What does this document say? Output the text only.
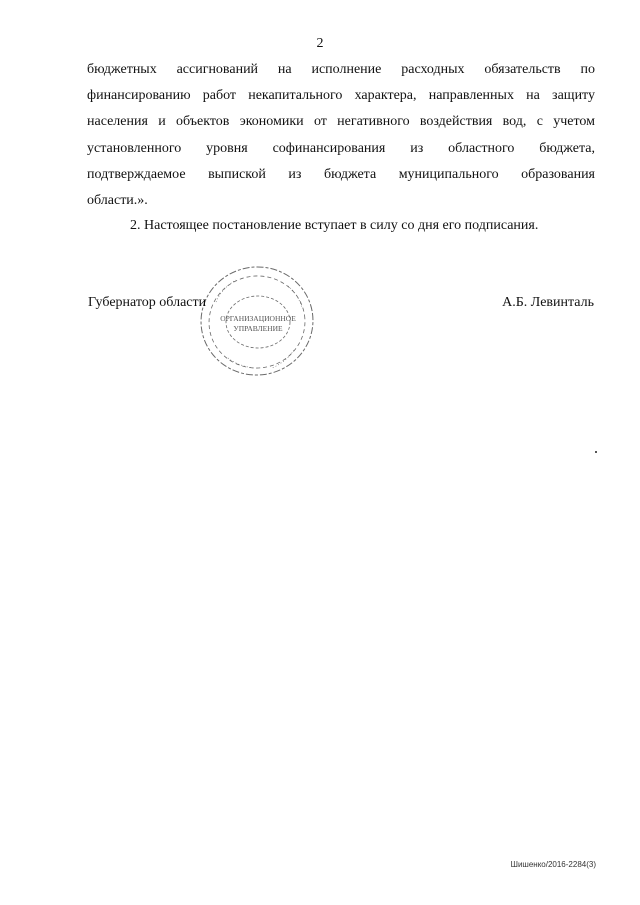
2
бюджетных ассигнований на исполнение расходных обязательств по
финансированию работ некапитального характера, направленных на защиту
населения и объектов экономики от негативного воздействия вод, с учетом
установленного уровня софинансирования из областного бюджета,
подтверждаемое выпиской из бюджета муниципального образования
области.».
2. Настоящее постановление вступает в силу со дня его подписания.
ОРГАНИЗАЦИОННОЕ
УПРАВЛЕНИЕ
Губернатор области	А.Б. Левинталь
Шишенко/2016-2284(3)
